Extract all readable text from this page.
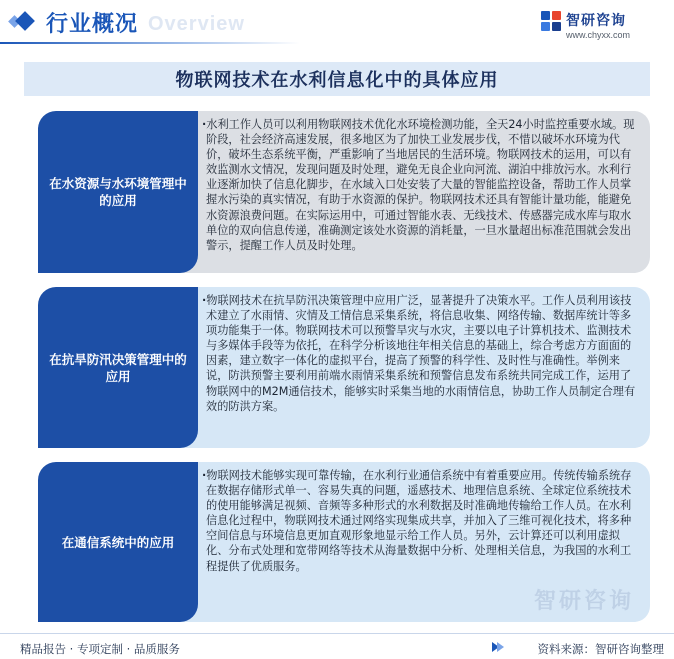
行业概况 Overview	智研咨询
www.chyxx.com
物联网技术在水利信息化中的具体应用

·水利工作人员可以利用物联网技术优化水环境检测功能，全天24小时监控重要水域。现阶段，社会经济高速发展，很多地区为了加快工业发展步伐，不惜以破坏水环境为代价，破坏生态系统平衡，严重影响了当地居民的生活环境。物联网技术的运用，可以有效监测水文情况，发现问题及时处理，避免无良企业向河流、湖泊中排放污水。水利行业逐渐加快了信息化脚步，在水域入口处安装了大量的智能监控设备，帮助工作人员掌握水污染的真实情况，有助于水资源的保护。物联网技术还具有智能计量功能，能避免水资源浪费问题。在实际运用中，可通过智能水表、无线技术、传感器完成水库与取水单位的双向信息传递，准确测定该处水资源的消耗量，一旦水量超出标准范围就会发出警示，提醒工作人员及时处理。

在水资源与水环境管理中的应用

·物联网技术在抗旱防汛决策管理中应用广泛，显著提升了决策水平。工作人员利用该技术建立了水雨情、灾情及工情信息采集系统，将信息收集、网络传输、数据库统计等多项功能集于一体。物联网技术可以预警旱灾与水灾，主要以电子计算机技术、监测技术与多媒体手段等为依托，在科学分析该地往年相关信息的基础上，综合考虑方方面面的因素，建立数字一体化的虚拟平台，提高了预警的科学性、及时性与准确性。举例来说，防洪预警主要利用前端水雨情采集系统和预警信息发布系统共同完成工作，运用了物联网中的M2M通信技术，能够实时采集当地的水雨情信息，协助工作人员制定合理有效的防洪方案。

在抗旱防汛决策管理中的应用

·物联网技术能够实现可靠传输，在水利行业通信系统中有着重要应用。传统传输系统存在数据存储形式单一、容易失真的问题，遥感技术、地理信息系统、全球定位系统技术的使用能够满足视频、音频等多种形式的水利数据及时准确地传输给工作人员。在水利信息化过程中，物联网技术通过网络实现集成共享，并加入了三维可视化技术，将多种空间信息与环境信息更加直观形象地显示给工作人员。另外，云计算还可以利用虚拟化、分布式处理和宽带网络等技术从海量数据中分析、处理相关信息，为我国的水利工程提供了优质服务。

在通信系统中的应用
智研咨询
精品报告 · 专项定制 · 品质服务	资料来源：智研咨询整理
